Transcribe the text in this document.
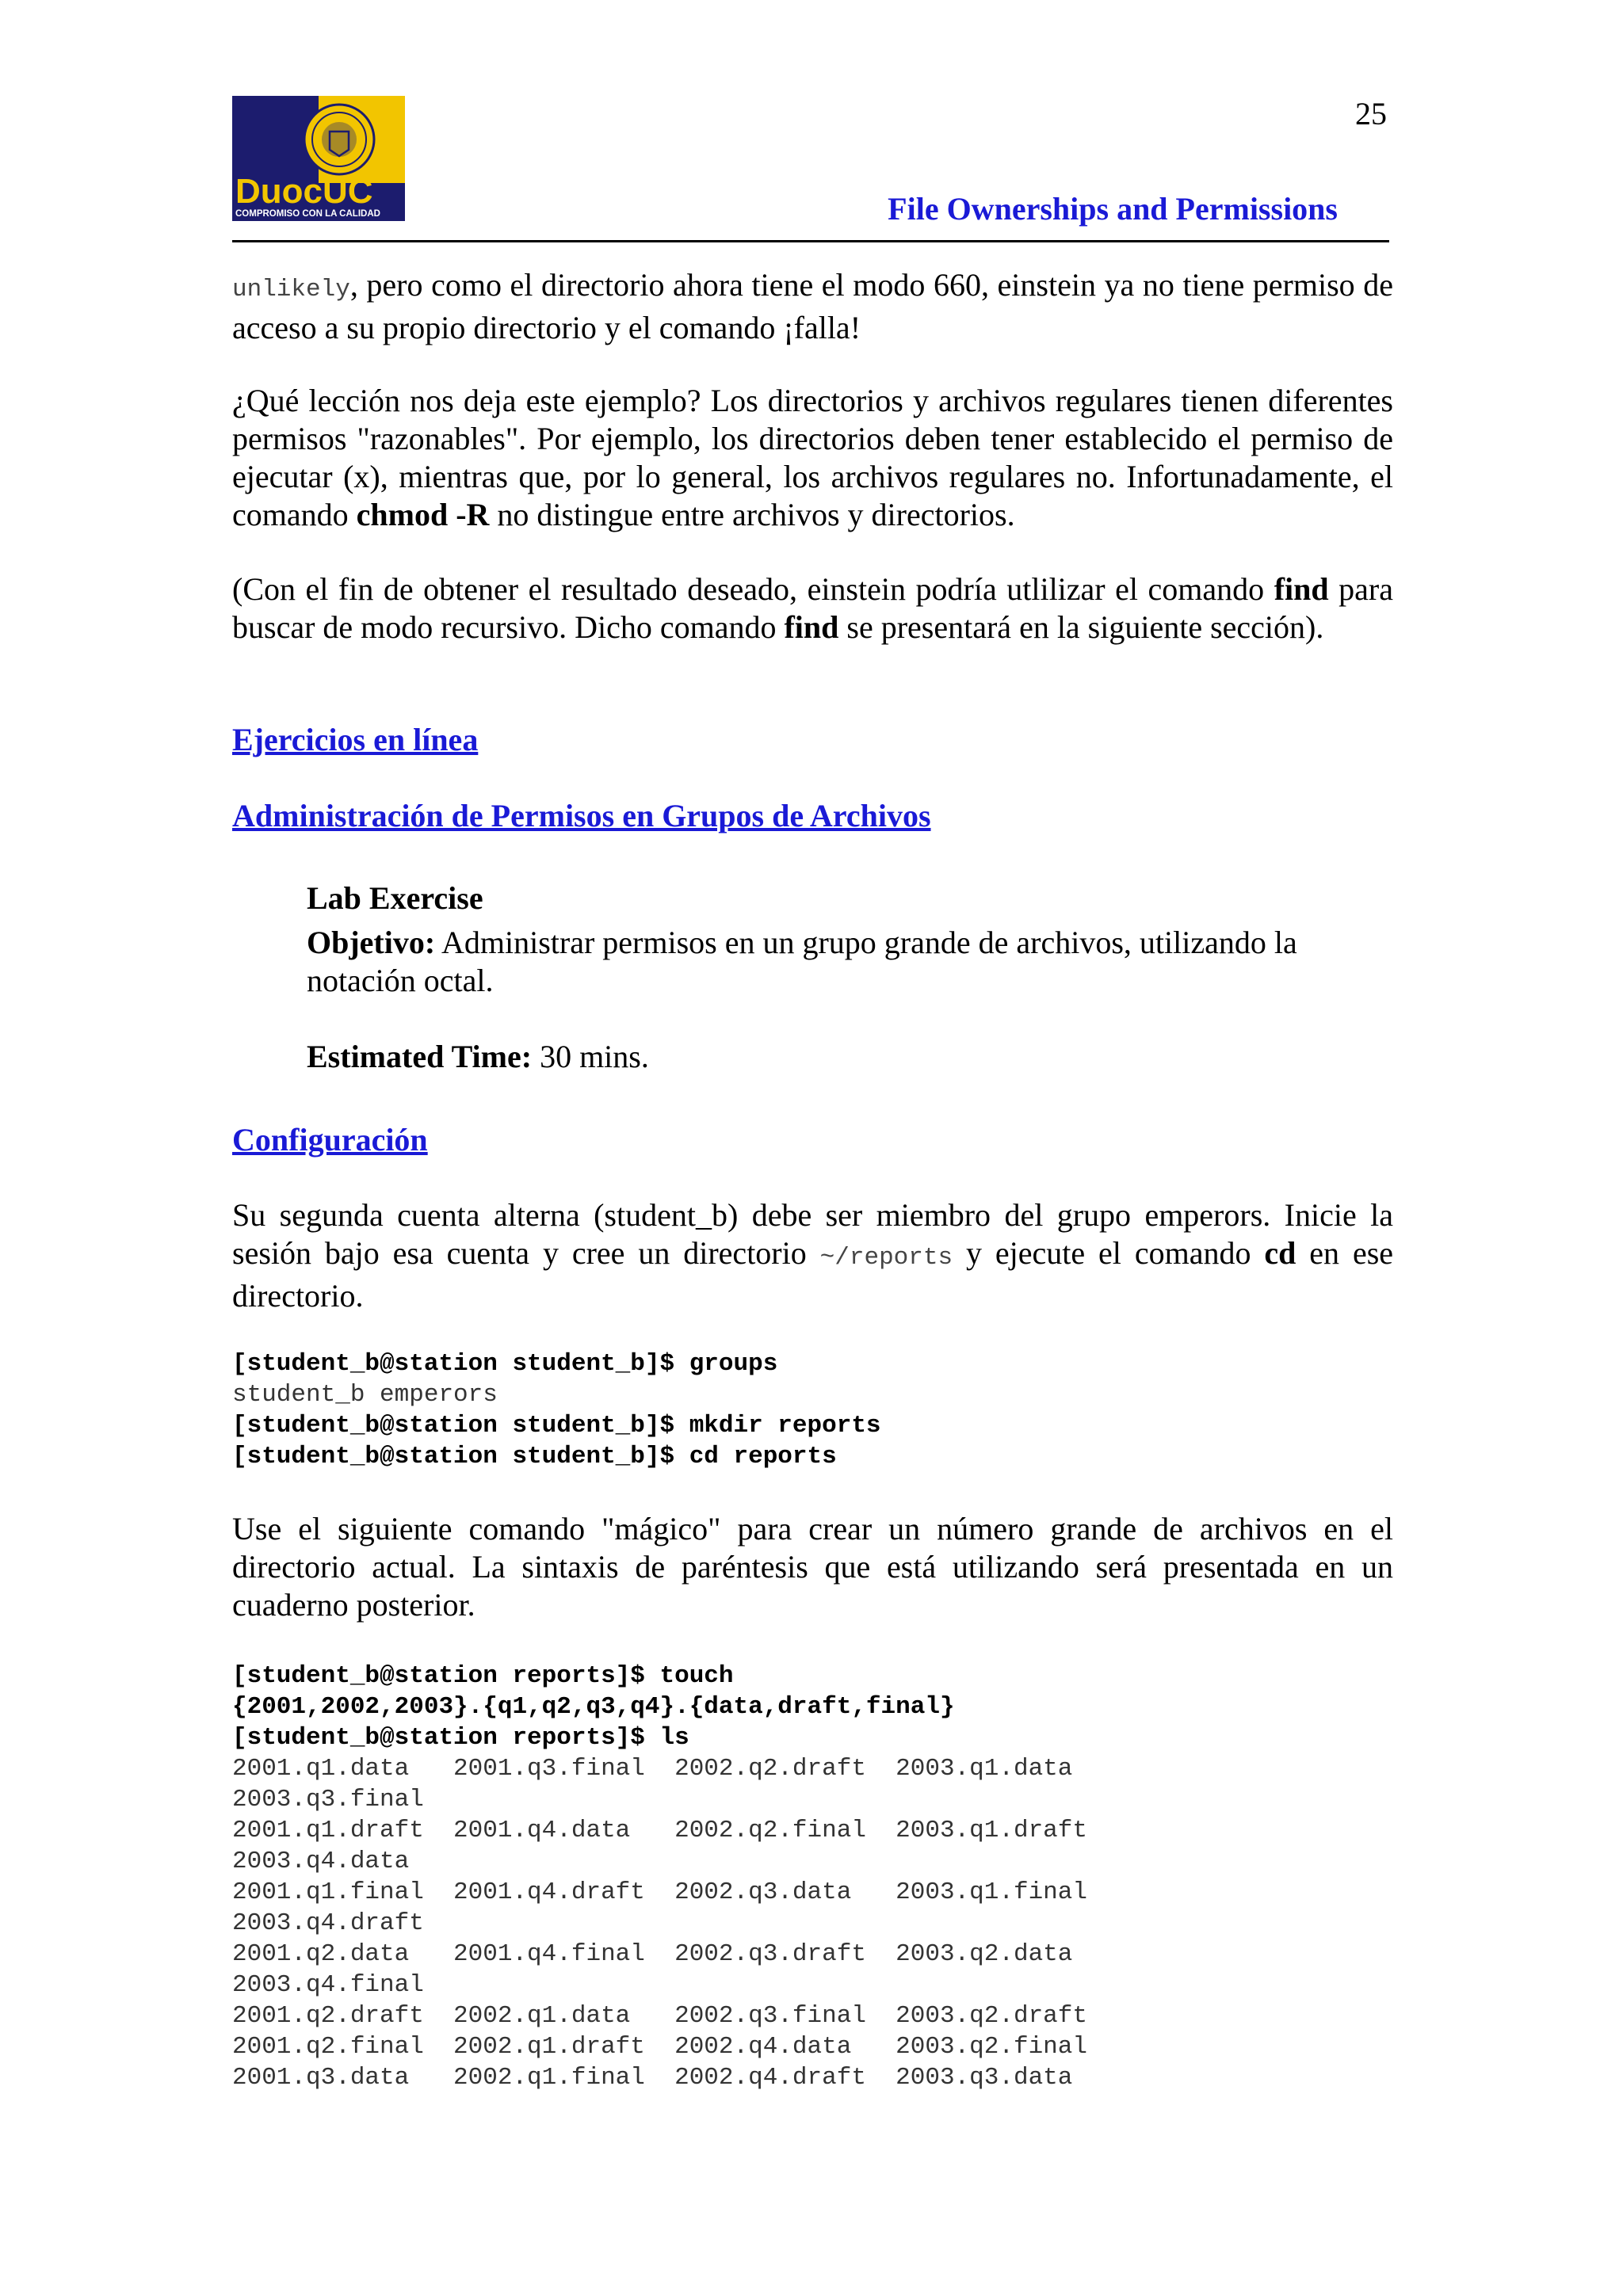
DuocUC
COMPROMISO CON LA CALIDAD
25
File Ownerships and Permissions
unlikely, pero como el directorio ahora tiene el modo 660, einstein ya no tiene permiso de acceso a su propio directorio y el comando ¡falla!
¿Qué lección nos deja este ejemplo? Los directorios y archivos regulares tienen diferentes permisos "razonables". Por ejemplo, los directorios deben tener establecido el permiso de ejecutar (x), mientras que, por lo general, los archivos regulares no. Infortunadamente, el comando chmod -R no distingue entre archivos y directorios.
(Con el fin de obtener el resultado deseado, einstein podría utlilizar el comando find para buscar de modo recursivo. Dicho comando find se presentará en la siguiente sección).
Ejercicios en línea
Administración de Permisos en Grupos de Archivos
Lab Exercise
Objetivo: Administrar permisos en un grupo grande de archivos, utilizando la notación octal.
Estimated Time: 30 mins.
Configuración
Su segunda cuenta alterna (student_b) debe ser miembro del grupo emperors. Inicie la sesión bajo esa cuenta y cree un directorio ~/reports y ejecute el comando cd en ese directorio.
[student_b@station student_b]$ groups
student_b emperors
[student_b@station student_b]$ mkdir reports
[student_b@station student_b]$ cd reports
Use el siguiente comando "mágico" para crear un número grande de archivos en el directorio actual. La sintaxis de paréntesis que está utilizando será presentada en un cuaderno posterior.
[student_b@station reports]$ touch
{2001,2002,2003}.{q1,q2,q3,q4}.{data,draft,final}
[student_b@station reports]$ ls
2001.q1.data   2001.q3.final  2002.q2.draft  2003.q1.data
2003.q3.final
2001.q1.draft  2001.q4.data   2002.q2.final  2003.q1.draft
2003.q4.data
2001.q1.final  2001.q4.draft  2002.q3.data   2003.q1.final
2003.q4.draft
2001.q2.data   2001.q4.final  2002.q3.draft  2003.q2.data
2003.q4.final
2001.q2.draft  2002.q1.data   2002.q3.final  2003.q2.draft
2001.q2.final  2002.q1.draft  2002.q4.data   2003.q2.final
2001.q3.data   2002.q1.final  2002.q4.draft  2003.q3.data
